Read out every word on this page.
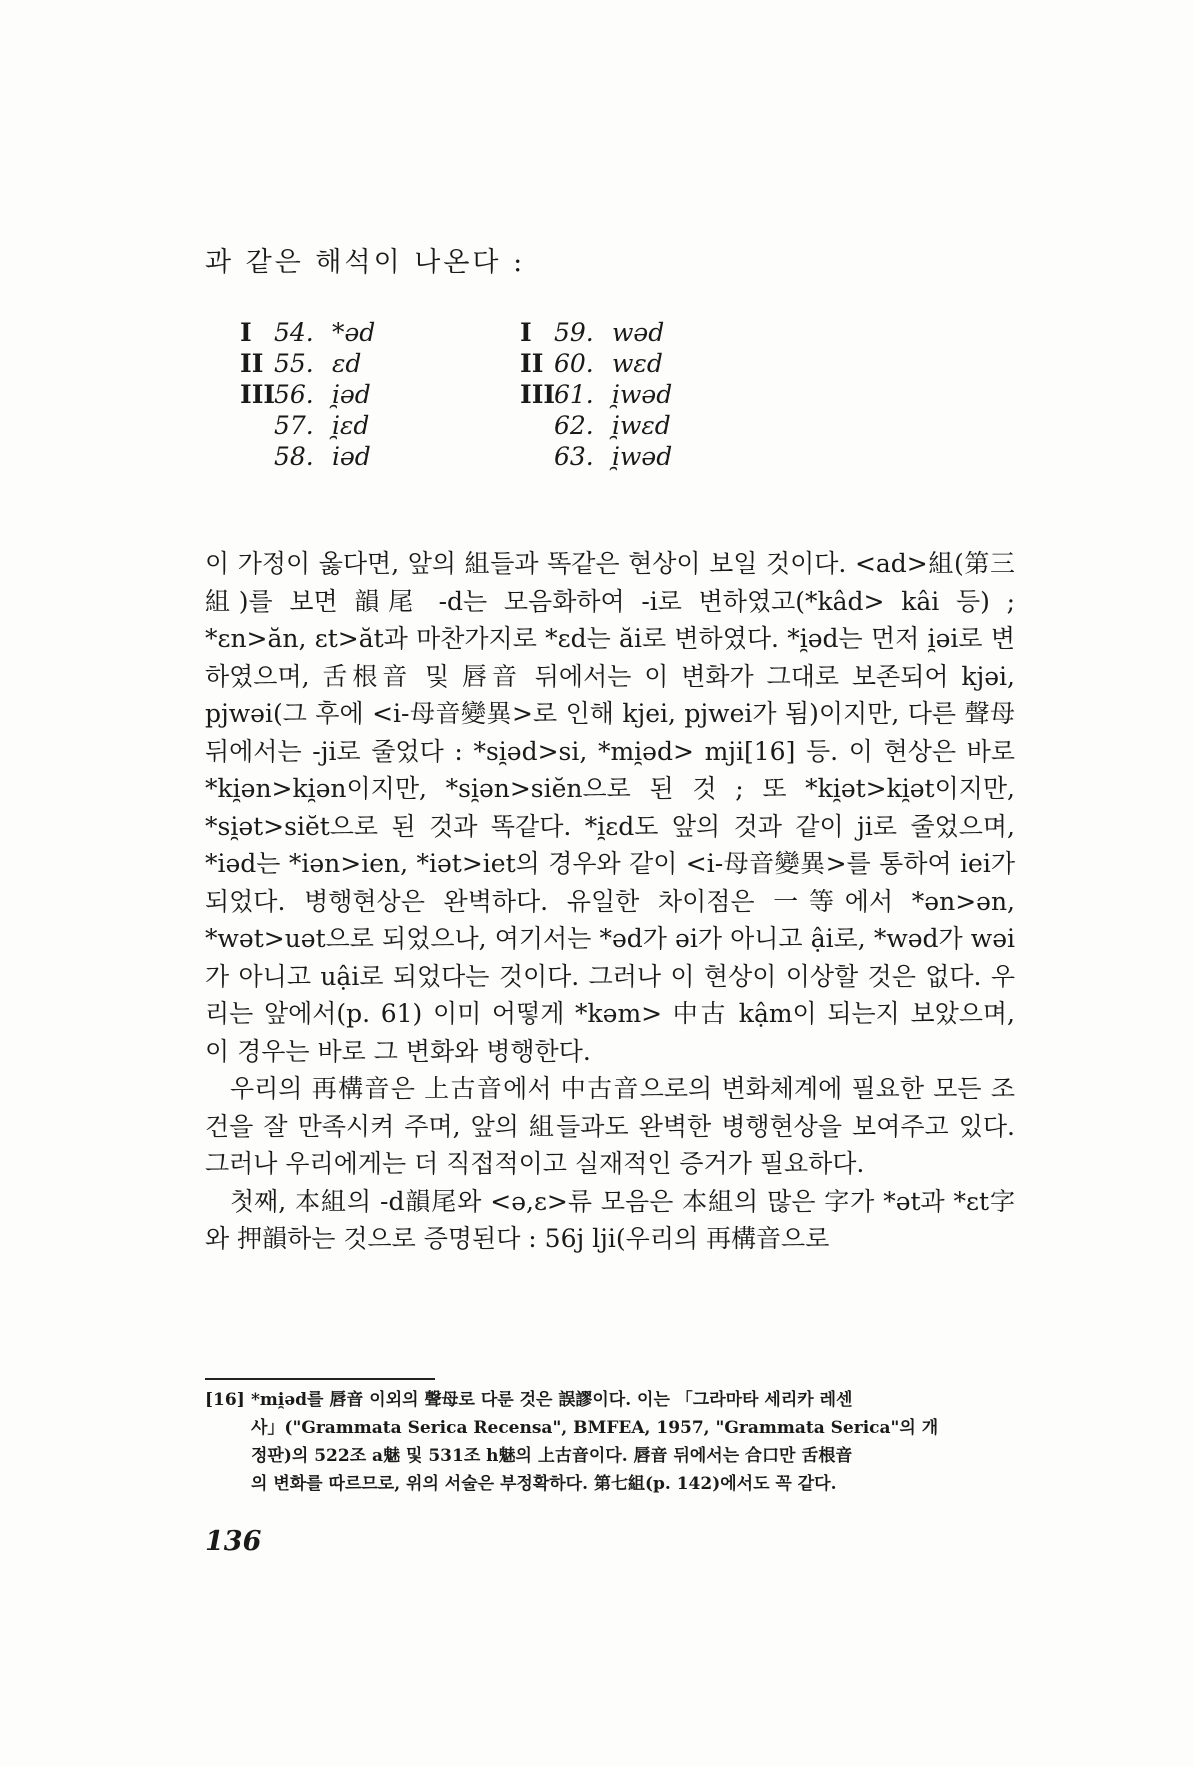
과 같은 해석이 나온다 :
I 54. *əd
II 55. ɛd
III
56. i̯əd
57. i̯ɛd
58. iəd
I 59. wəd
II 60. wɛd
III
61. i̯wəd
62. i̯wɛd
63. i̯wəd

이 가정이 옳다면, 앞의 組들과 똑같은 현상이 보일 것이다. <ad>組(第三組)를 보면 韻尾 -d는 모음화하여 -i로 변하였고(*kâd> kâi 등) ; *ɛn>ăn, ɛt>ăt과 마찬가지로 *ɛd는 ăi로 변하였다. *i̯əd는 먼저 i̯əi로 변하였으며, 舌根音 및 唇音 뒤에서는 이 변화가 그대로 보존되어 kjəi, pjwəi(그 후에 <i-母音變異>로 인해 kjei, pjwei가 됨)이지만, 다른 聲母 뒤에서는 -ji로 줄었다 : *si̯əd>si, *mi̯əd> mji[16] 등. 이 현상은 바로 *ki̯ən>ki̯ən이지만, *si̯ən>siĕn으로 된 것 ; 또 *ki̯ət>ki̯ət이지만, *si̯ət>siĕt으로 된 것과 똑같다. *i̯ɛd도 앞의 것과 같이 ji로 줄었으며, *iəd는 *iən>ien, *iət>iet의 경우와 같이 <i-母音變異>를 통하여 iei가 되었다. 병행현상은 완벽하다. 유일한 차이점은 一等에서 *ən>ən, *wət>uət으로 되었으나, 여기서는 *əd가 əi가 아니고 ậi로, *wəd가 wəi가 아니고 uậi로 되었다는 것이다. 그러나 이 현상이 이상할 것은 없다. 우리는 앞에서(p. 61) 이미 어떻게 *kəm> 中古 kậm이 되는지 보았으며, 이 경우는 바로 그 변화와 병행한다.

우리의 再構音은 上古音에서 中古音으로의 변화체계에 필요한 모든 조건을 잘 만족시켜 주며, 앞의 組들과도 완벽한 병행현상을 보여주고 있다. 그러나 우리에게는 더 직접적이고 실재적인 증거가 필요하다.

첫째, 本組의 -d韻尾와 <ə,ɛ>류 모음은 本組의 많은 字가 *ət과 *ɛt字와 押韻하는 것으로 증명된다 : 56j lji(우리의 再構音으로

[16] *mi̯əd를 唇音 이외의 聲母로 다룬 것은 誤謬이다. 이는 「그라마타 세리카 레센
사」("Grammata Serica Recensa", BMFEA, 1957, "Grammata Serica"의 개
정판)의 522조 a魅 및 531조 h魅의 上古音이다. 唇音 뒤에서는 合口만 舌根音
의 변화를 따르므로, 위의 서술은 부정확하다. 第七組(p. 142)에서도 꼭 같다.
136
